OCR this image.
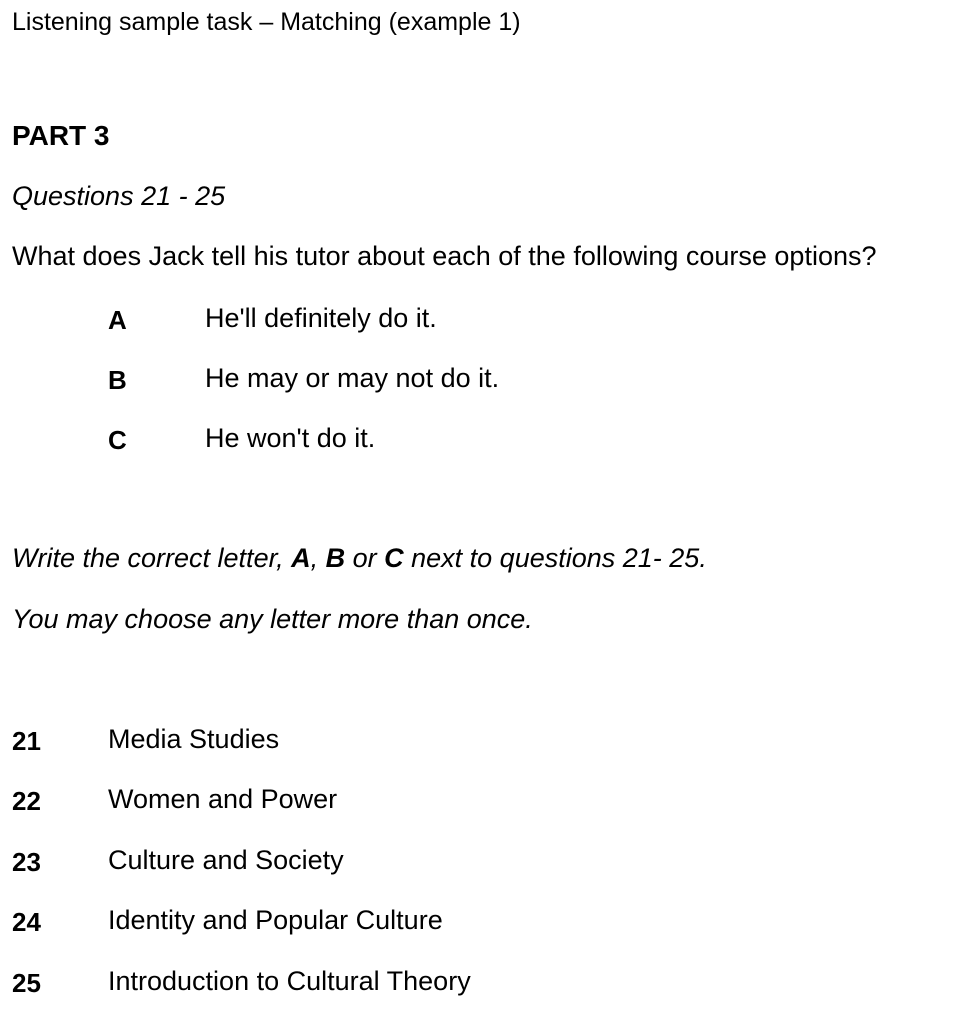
Listening sample task – Matching (example 1)
PART 3
Questions 21 - 25
What does Jack tell his tutor about each of the following course options?
A	He'll definitely do it.
B	He may or may not do it.
C	He won't do it.
Write the correct letter, A, B or C next to questions 21- 25.
You may choose any letter more than once.
21 Media Studies
22 Women and Power
23 Culture and Society
24 Identity and Popular Culture
25 Introduction to Cultural Theory
